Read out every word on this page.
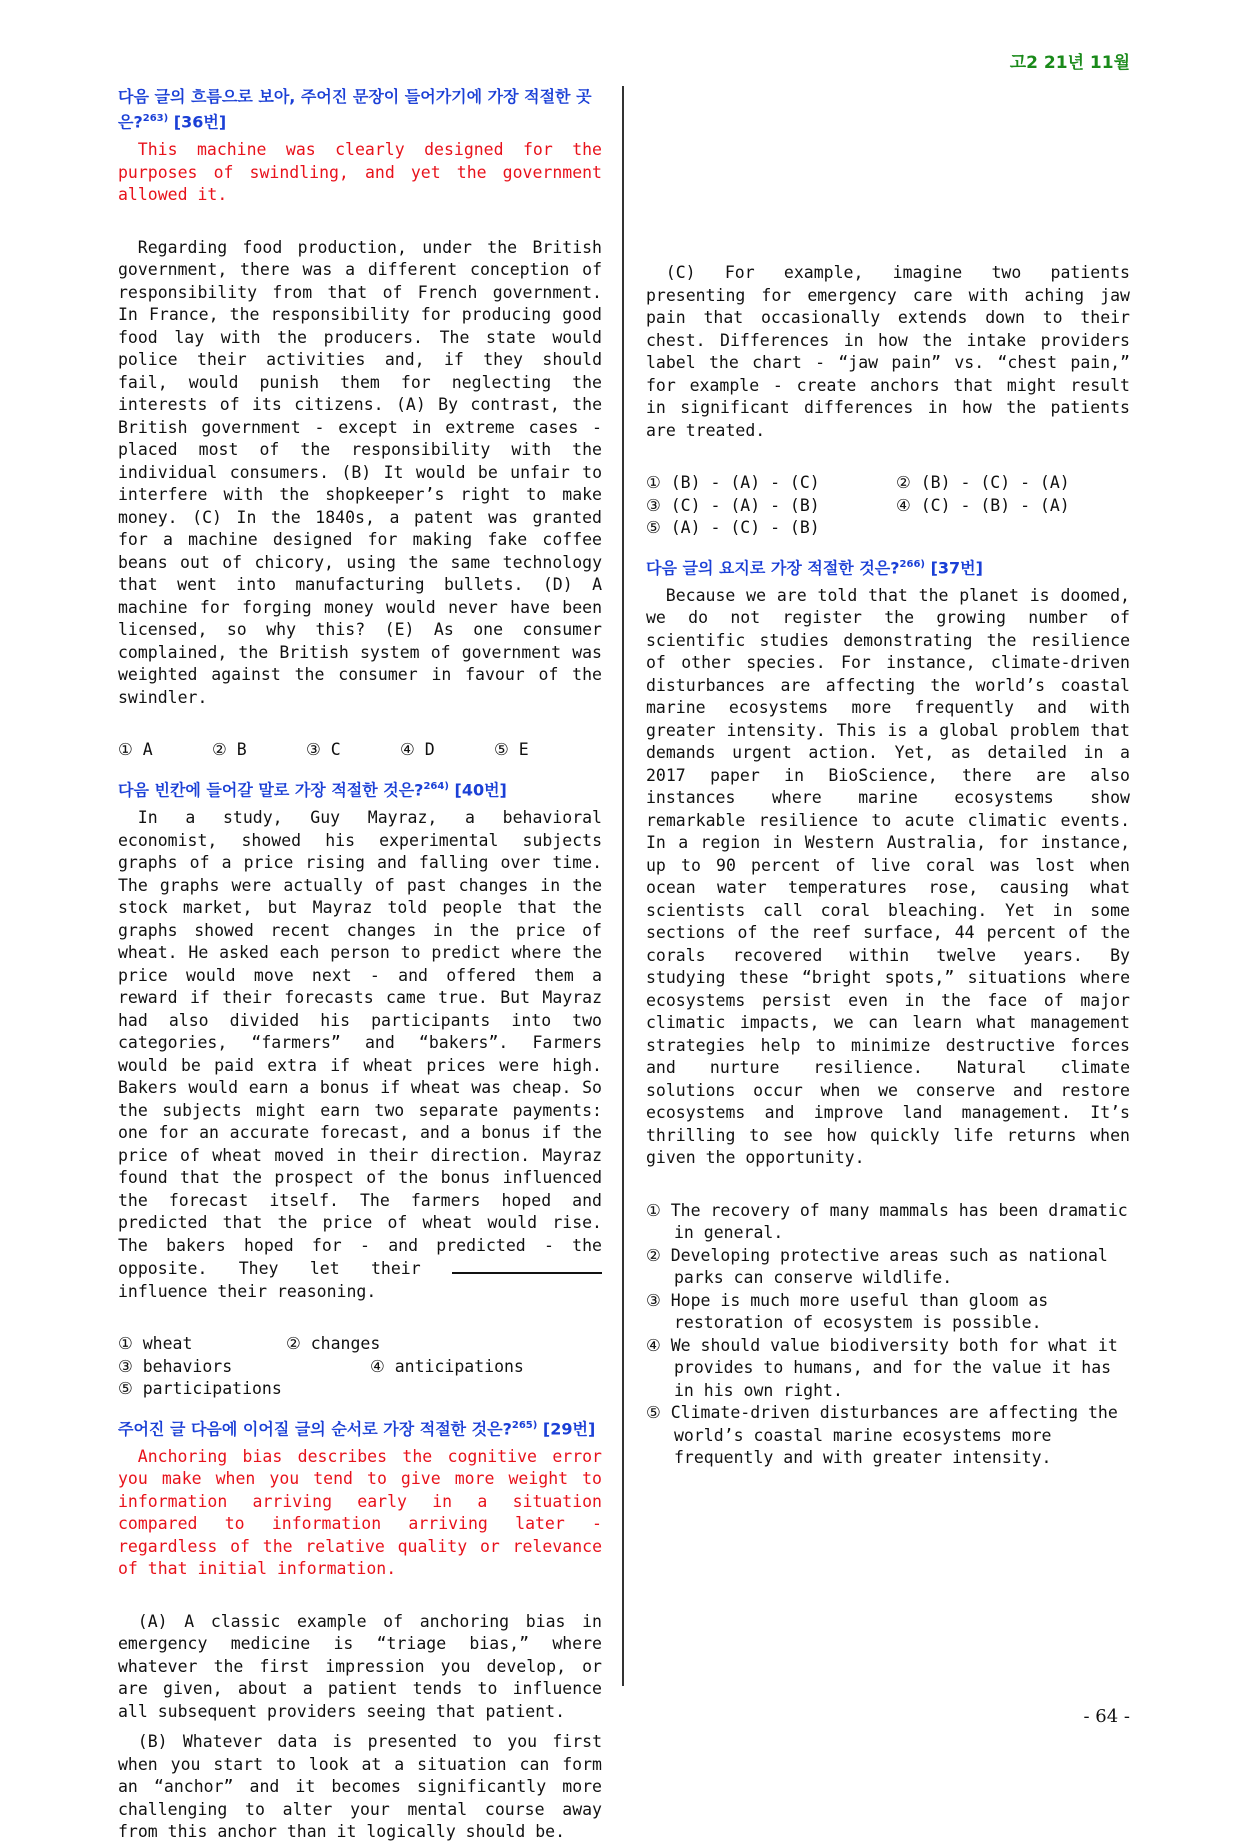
고2 21년 11월
다음 글의 흐름으로 보아, 주어진 문장이 들어가기에 가장 적절한 곳은?$^{263)}$ [36번]

This machine was clearly designed for the purposes of swindling, and yet the government allowed it.

Regarding food production, under the British government, there was a different conception of responsibility from that of French government. In France, the responsibility for producing good food lay with the producers. The state would police their activities and, if they should fail, would punish them for neglecting the interests of its citizens. (A) By contrast, the British government - except in extreme cases - placed most of the responsibility with the individual consumers. (B) It would be unfair to interfere with the shopkeeper’s right to make money. (C) In the 1840s, a patent was granted for a machine designed for making fake coffee beans out of chicory, using the same technology that went into manufacturing bullets. (D) A machine for forging money would never have been licensed, so why this? (E) As one consumer complained, the British system of government was weighted against the consumer in favour of the swindler.

① A	② B	③ C	④ D	⑤ E
다음 빈칸에 들어갈 말로 가장 적절한 것은?$^{264)}$ [40번]

In a study, Guy Mayraz, a behavioral economist, showed his experimental subjects graphs of a price rising and falling over time. The graphs were actually of past changes in the stock market, but Mayraz told people that the graphs showed recent changes in the price of wheat. He asked each person to predict where the price would move next - and offered them a reward if their forecasts came true. But Mayraz had also divided his participants into two categories, “farmers” and “bakers”. Farmers would be paid extra if wheat prices were high. Bakers would earn a bonus if wheat was cheap. So the subjects might earn two separate payments: one for an accurate forecast, and a bonus if the price of wheat moved in their direction. Mayraz found that the prospect of the bonus influenced the forecast itself. The farmers hoped and predicted that the price of wheat would rise. The bakers hoped for - and predicted - the opposite. They let their  influence their reasoning.

① wheat	② changes
③ behaviors	④ anticipations
⑤ participations
주어진 글 다음에 이어질 글의 순서로 가장 적절한 것은?$^{265)}$ [29번]

Anchoring bias describes the cognitive error you make when you tend to give more weight to information arriving early in a situation compared to information arriving later - regardless of the relative quality or relevance of that initial information.

(A) A classic example of anchoring bias in emergency medicine is “triage bias,” where whatever the first impression you develop, or are given, about a patient tends to influence all subsequent providers seeing that patient.

(B) Whatever data is presented to you first when you start to look at a situation can form an “anchor” and it becomes significantly more challenging to alter your mental course away from this anchor than it logically should be.

(C) For example, imagine two patients presenting for emergency care with aching jaw pain that occasionally extends down to their chest. Differences in how the intake providers label the chart - “jaw pain” vs. “chest pain,” for example - create anchors that might result in significant differences in how the patients are treated.

① (B) - (A) - (C)	② (B) - (C) - (A)
③ (C) - (A) - (B)	④ (C) - (B) - (A)
⑤ (A) - (C) - (B)
다음 글의 요지로 가장 적절한 것은?$^{266)}$ [37번]

Because we are told that the planet is doomed, we do not register the growing number of scientific studies demonstrating the resilience of other species. For instance, climate-driven disturbances are affecting the world’s coastal marine ecosystems more frequently and with greater intensity. This is a global problem that demands urgent action. Yet, as detailed in a 2017 paper in BioScience, there are also instances where marine ecosystems show remarkable resilience to acute climatic events. In a region in Western Australia, for instance, up to 90 percent of live coral was lost when ocean water temperatures rose, causing what scientists call coral bleaching. Yet in some sections of the reef surface, 44 percent of the corals recovered within twelve years. By studying these “bright spots,” situations where ecosystems persist even in the face of major climatic impacts, we can learn what management strategies help to minimize destructive forces and nurture resilience. Natural climate solutions occur when we conserve and restore ecosystems and improve land management. It’s thrilling to see how quickly life returns when given the opportunity.

① The recovery of many mammals has been dramatic in general.
② Developing protective areas such as national parks can conserve wildlife.
③ Hope is much more useful than gloom as restoration of ecosystem is possible.
④ We should value biodiversity both for what it provides to humans, and for the value it has in his own right.
⑤ Climate-driven disturbances are affecting the world’s coastal marine ecosystems more frequently and with greater intensity.
- 64 -
